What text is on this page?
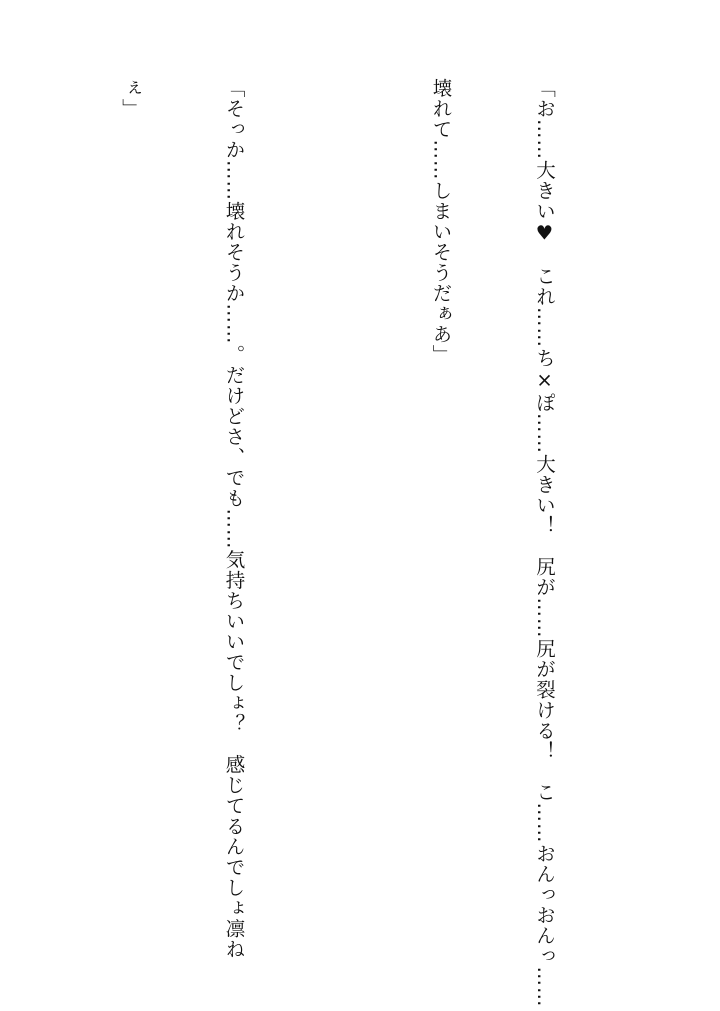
「お……大きい♥　これ……ち×ぽ……大きい！　尻が……尻が裂ける！　こ……おんっおんっ……

壊れて……しまいそうだぁあ」

「そっか……壊れそうか……。だけどさ、でも……気持ちいいでしょ？　感じてるんでしょ凛ね

ぇ」
